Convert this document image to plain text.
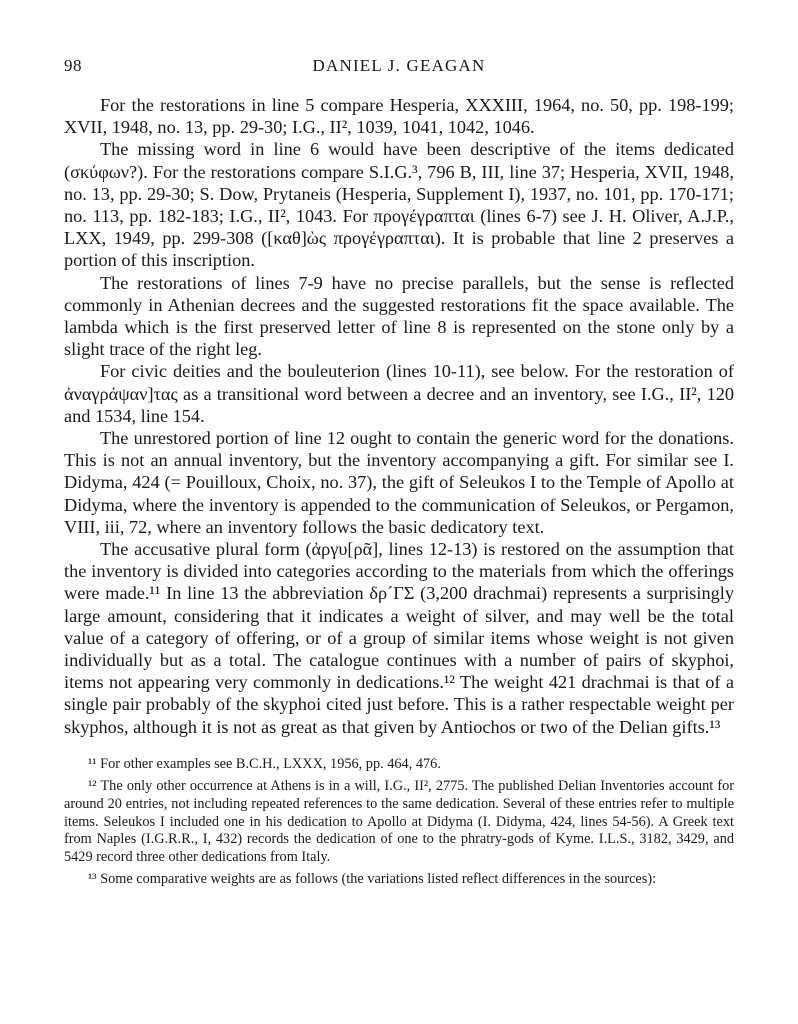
98	DANIEL J. GEAGAN

For the restorations in line 5 compare Hesperia, XXXIII, 1964, no. 50, pp. 198-199; XVII, 1948, no. 13, pp. 29-30; I.G., II², 1039, 1041, 1042, 1046.

The missing word in line 6 would have been descriptive of the items dedicated (σκύφων?). For the restorations compare S.I.G.³, 796 B, III, line 37; Hesperia, XVII, 1948, no. 13, pp. 29-30; S. Dow, Prytaneis (Hesperia, Supplement I), 1937, no. 101, pp. 170-171; no. 113, pp. 182-183; I.G., II², 1043. For προγέγραπται (lines 6-7) see J. H. Oliver, A.J.P., LXX, 1949, pp. 299-308 ([καθ]ὼς προγέγραπται). It is probable that line 2 preserves a portion of this inscription.

The restorations of lines 7-9 have no precise parallels, but the sense is reflected commonly in Athenian decrees and the suggested restorations fit the space available. The lambda which is the first preserved letter of line 8 is represented on the stone only by a slight trace of the right leg.

For civic deities and the bouleuterion (lines 10-11), see below. For the restoration of ἀναγράψαν]τας as a transitional word between a decree and an inventory, see I.G., II², 120 and 1534, line 154.

The unrestored portion of line 12 ought to contain the generic word for the donations. This is not an annual inventory, but the inventory accompanying a gift. For similar see I. Didyma, 424 (= Pouilloux, Choix, no. 37), the gift of Seleukos I to the Temple of Apollo at Didyma, where the inventory is appended to the communication of Seleukos, or Pergamon, VIII, iii, 72, where an inventory follows the basic dedicatory text.

The accusative plural form (ἀργυ[ρᾶ], lines 12-13) is restored on the assumption that the inventory is divided into categories according to the materials from which the offerings were made.¹¹ In line 13 the abbreviation δρ´ΓΣ (3,200 drachmai) represents a surprisingly large amount, considering that it indicates a weight of silver, and may well be the total value of a category of offering, or of a group of similar items whose weight is not given individually but as a total. The catalogue continues with a number of pairs of skyphoi, items not appearing very commonly in dedications.¹² The weight 421 drachmai is that of a single pair probably of the skyphoi cited just before. This is a rather respectable weight per skyphos, although it is not as great as that given by Antiochos or two of the Delian gifts.¹³

¹¹ For other examples see B.C.H., LXXX, 1956, pp. 464, 476.

¹² The only other occurrence at Athens is in a will, I.G., II², 2775. The published Delian Inventories account for around 20 entries, not including repeated references to the same dedication. Several of these entries refer to multiple items. Seleukos I included one in his dedication to Apollo at Didyma (I. Didyma, 424, lines 54-56). A Greek text from Naples (I.G.R.R., I, 432) records the dedication of one to the phratry-gods of Kyme. I.L.S., 3182, 3429, and 5429 record three other dedications from Italy.

¹³ Some comparative weights are as follows (the variations listed reflect differences in the sources):
